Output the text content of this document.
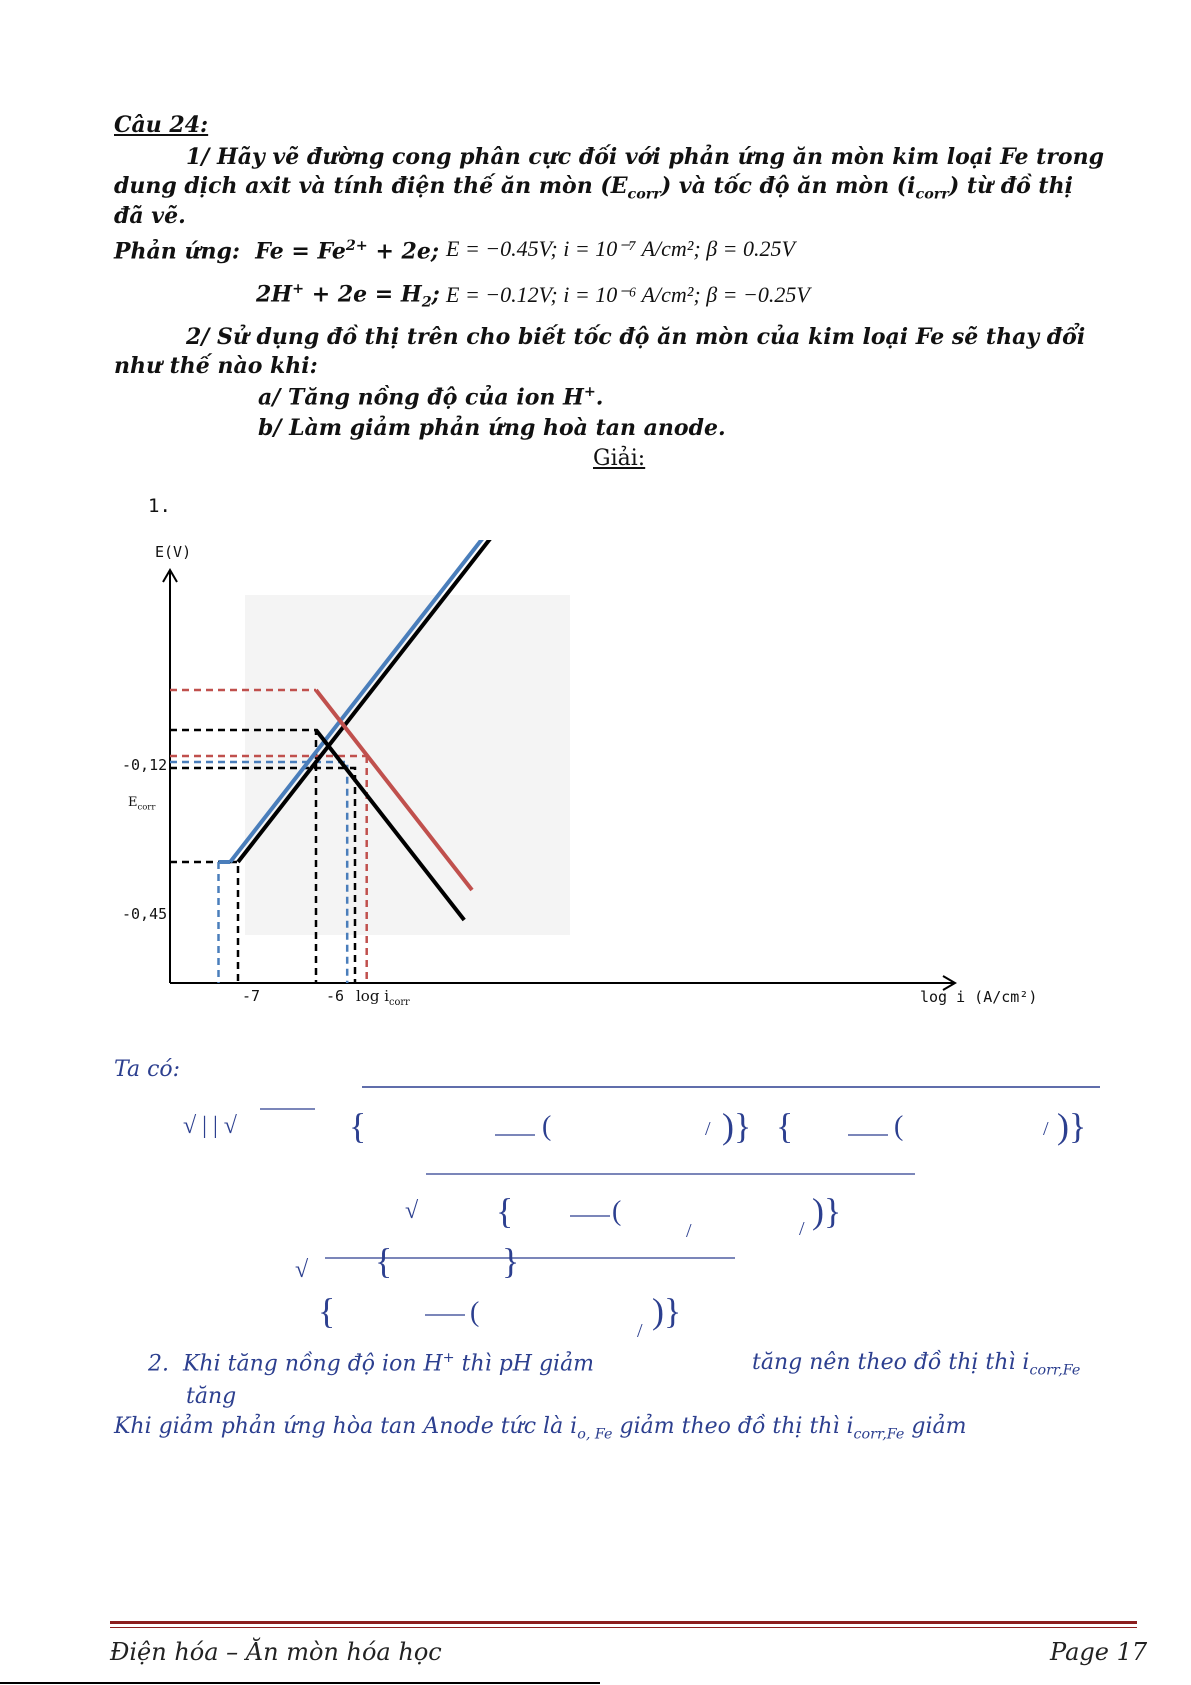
Câu 24:
1/ Hãy vẽ đường cong phân cực đối với phản ứng ăn mòn kim loại Fe trong
dung dịch axit và tính điện thế ăn mòn $(E_{corr})$ và tốc độ ăn mòn $(i_{corr})$ từ đồ thị
đã vẽ.
Phản ứng: $Fe = Fe^{2+} + 2e$; E = −0.45V; i = 10⁻⁷ A/cm²; β = 0.25V
$2H^+ + 2e = H_2$; E = −0.12V; i = 10⁻⁶ A/cm²; β = −0.25V
2/ Sử dụng đồ thị trên cho biết tốc độ ăn mòn của kim loại Fe sẽ thay đổi
như thế nào khi:
a/ Tăng nồng độ của ion H+.
b/ Làm giảm phản ứng hoà tan anode.
Giải:
1.
E(V)
-0,12
$E_{corr}$
-0,45
-7	-6 $\log i_{corr}$	log i (A/cm²)
Ta có:
√ | | √	{	(	/ )} {	(	/ )}
√ {	(
/	/ )}
√ {	}
{	(
/ )}
2. Khi tăng nồng độ ion H+ thì pH giảm	tăng nên theo đồ thị thì $i_{corr,Fe}$
tăng
Khi giảm phản ứng hòa tan Anode tức là $i_{o, Fe}$ giảm theo đồ thị thì $i_{corr,Fe}$ giảm
Điện hóa – Ăn mòn hóa học	Page 17
